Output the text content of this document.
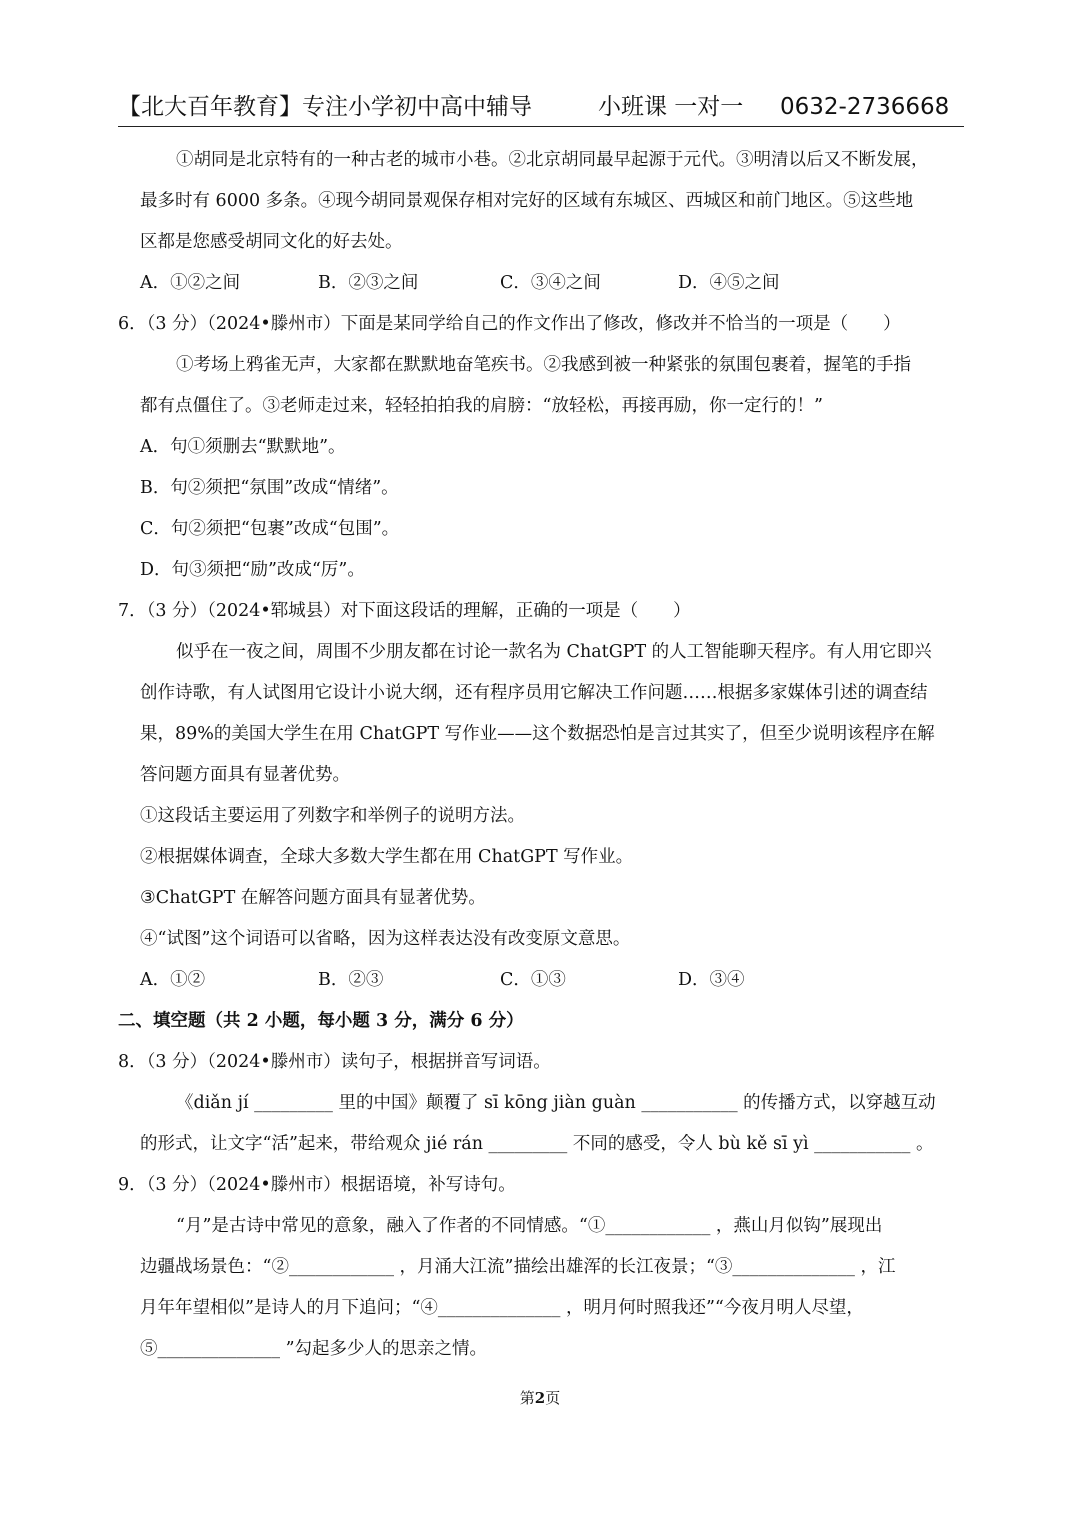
【北大百年教育】专注小学初中高中辅导	小班课 一对一 0632-2736668
①胡同是北京特有的一种古老的城市小巷。②北京胡同最早起源于元代。③明清以后又不断发展，
最多时有 6000 多条。④现今胡同景观保存相对完好的区域有东城区、西城区和前门地区。⑤这些地
区都是您感受胡同文化的好去处。
A．①②之间	B．②③之间	C．③④之间	D．④⑤之间
6．（3 分）（2024•滕州市）下面是某同学给自己的作文作出了修改，修改并不恰当的一项是（　　）
①考场上鸦雀无声，大家都在默默地奋笔疾书。②我感到被一种紧张的氛围包裹着，握笔的手指
都有点僵住了。③老师走过来，轻轻拍拍我的肩膀：“放轻松，再接再励，你一定行的！”
A．句①须删去“默默地”。
B．句②须把“氛围”改成“情绪”。
C．句②须把“包裹”改成“包围”。
D．句③须把“励”改成“厉”。
7．（3 分）（2024•郓城县）对下面这段话的理解，正确的一项是（　　）
似乎在一夜之间，周围不少朋友都在讨论一款名为 ChatGPT 的人工智能聊天程序。有人用它即兴
创作诗歌，有人试图用它设计小说大纲，还有程序员用它解决工作问题……根据多家媒体引述的调查结
果，89%的美国大学生在用 ChatGPT 写作业——这个数据恐怕是言过其实了，但至少说明该程序在解
答问题方面具有显著优势。
①这段话主要运用了列数字和举例子的说明方法。
②根据媒体调查，全球大多数大学生都在用 ChatGPT 写作业。
③ChatGPT 在解答问题方面具有显著优势。
④“试图”这个词语可以省略，因为这样表达没有改变原文意思。
A．①②	B．②③	C．①③	D．③④
二、填空题（共 2 小题，每小题 3 分，满分 6 分）
8．（3 分）（2024•滕州市）读句子，根据拼音写词语。
《diǎn jí _________ 里的中国》颠覆了 sī kōng jiàn guàn ___________ 的传播方式，以穿越互动
的形式，让文字“活”起来，带给观众 jié rán _________ 不同的感受，令人 bù kě sī yì ___________ 。
9．（3 分）（2024•滕州市）根据语境，补写诗句。
“月”是古诗中常见的意象，融入了作者的不同情感。“①____________ ，燕山月似钩”展现出
边疆战场景色：“②____________ ，月涌大江流”描绘出雄浑的长江夜景；“③______________ ，江
月年年望相似”是诗人的月下追问；“④______________ ，明月何时照我还”“今夜月明人尽望，
⑤______________ ”勾起多少人的思亲之情。
第2页
